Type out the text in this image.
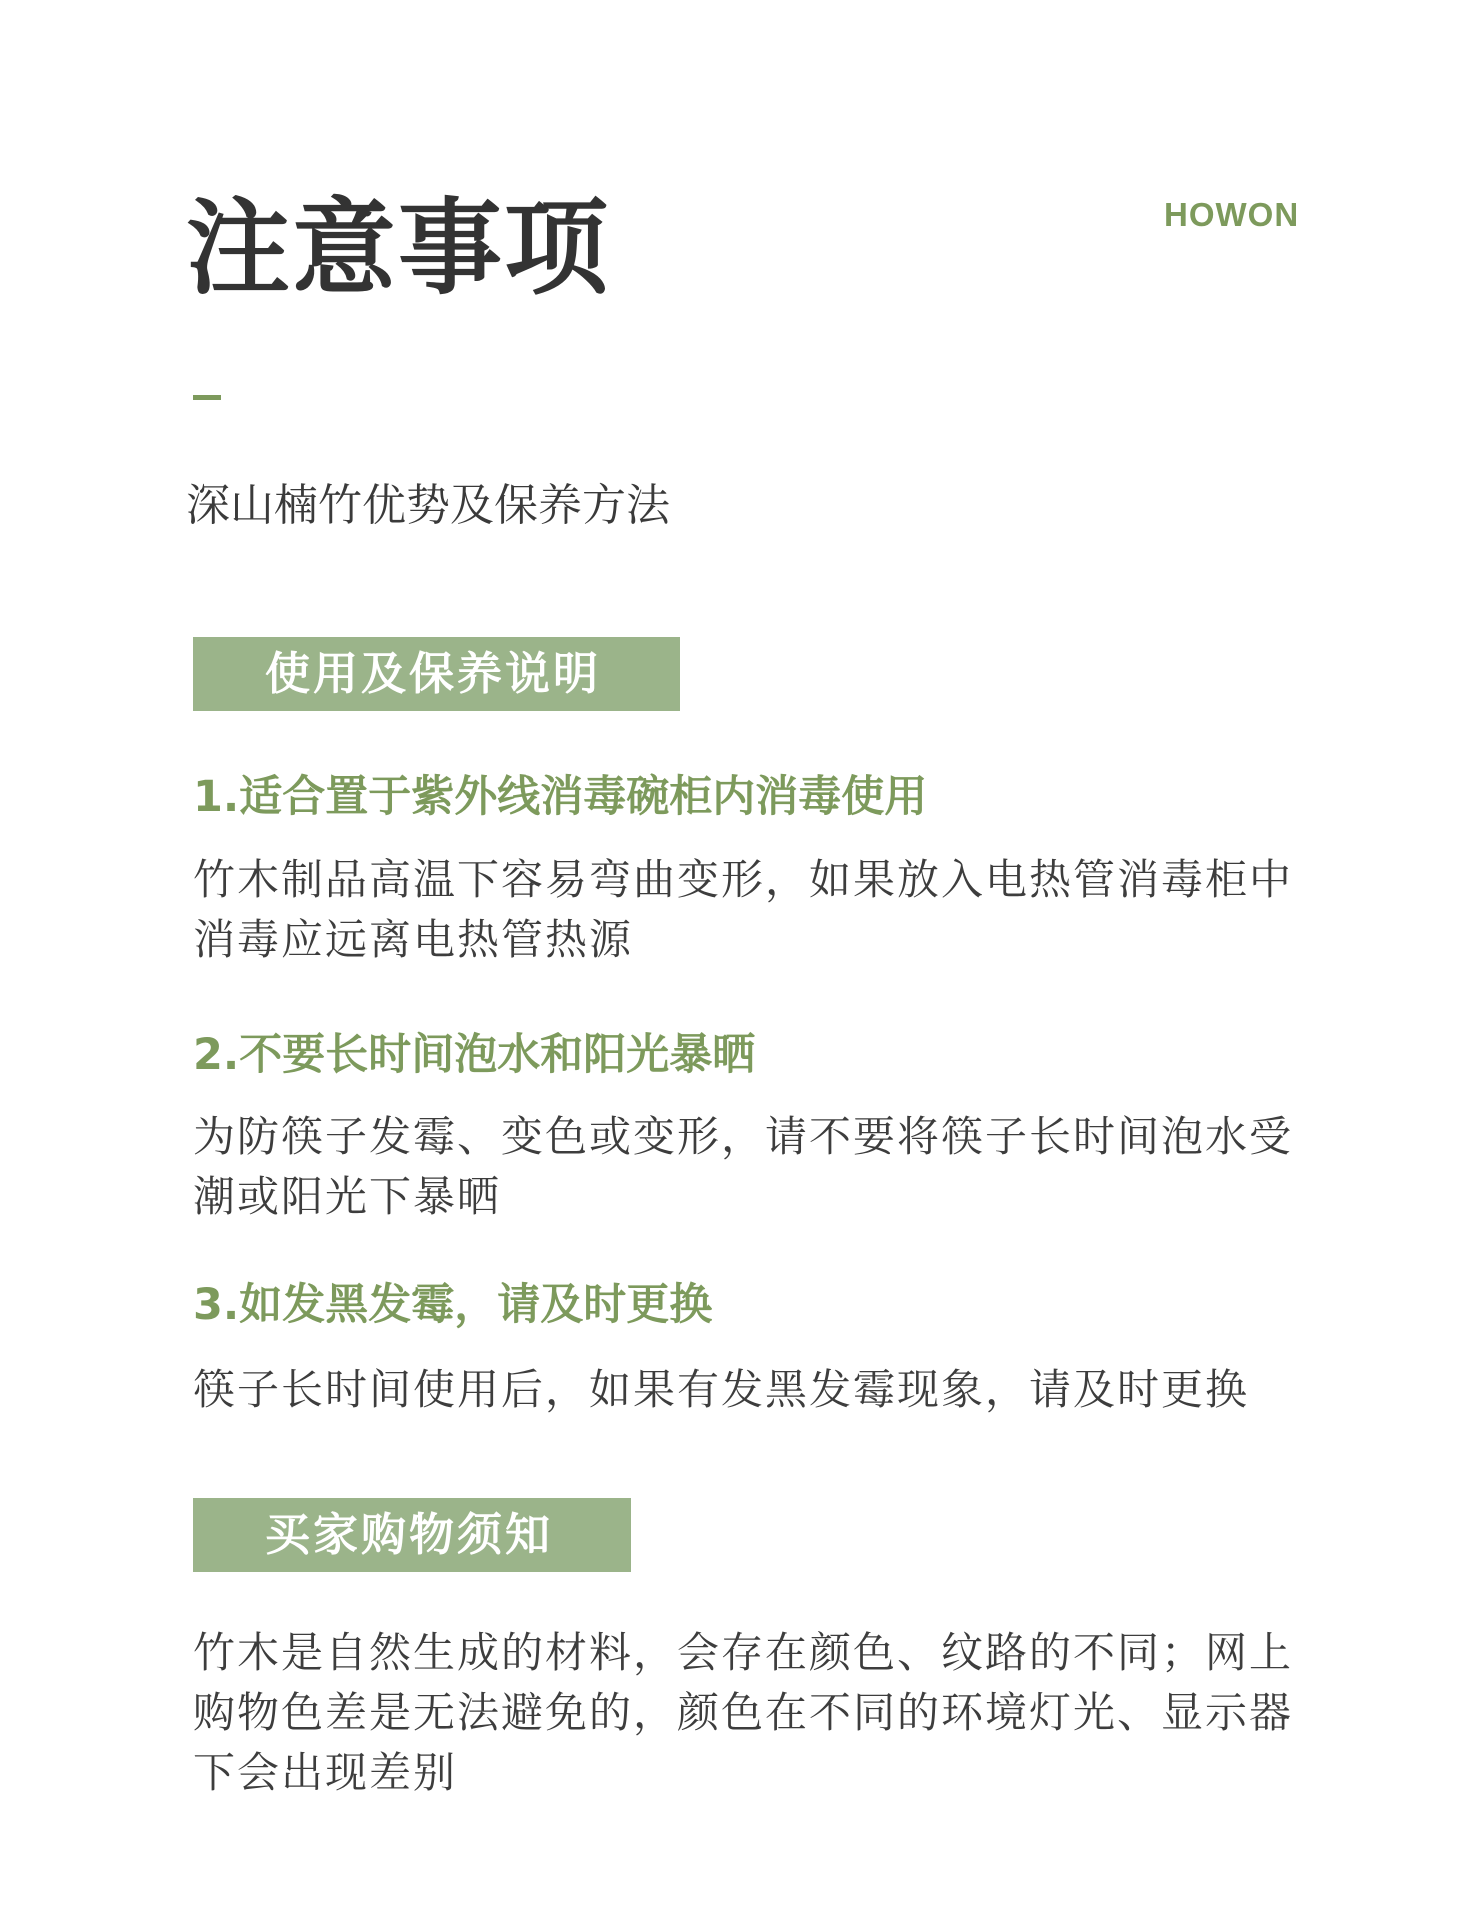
注意事项	HOWON
深山楠竹优势及保养方法
使用及保养说明
1.适合置于紫外线消毒碗柜内消毒使用

竹木制品高温下容易弯曲变形，如果放入电热管消毒柜中消毒应远离电热管热源

2.不要长时间泡水和阳光暴晒

为防筷子发霉、变色或变形，请不要将筷子长时间泡水受潮或阳光下暴晒

3.如发黑发霉，请及时更换

筷子长时间使用后，如果有发黑发霉现象，请及时更换

买家购物须知

竹木是自然生成的材料，会存在颜色、纹路的不同；网上购物色差是无法避免的，颜色在不同的环境灯光、显示器下会出现差别
